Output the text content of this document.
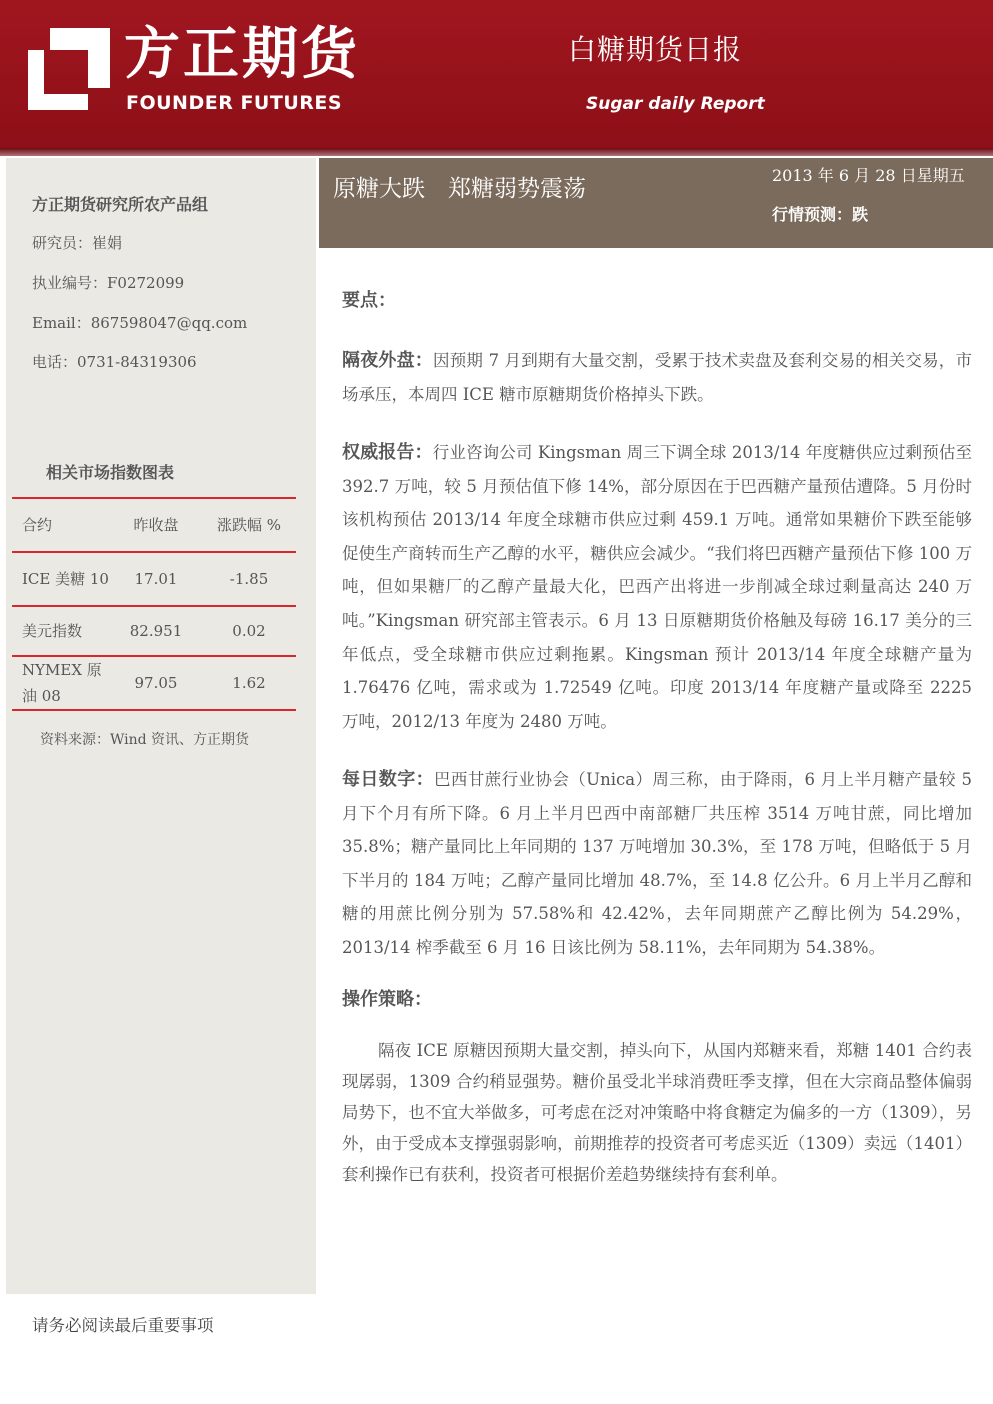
方正期货
FOUNDER FUTURES
白糖期货日报
Sugar daily Report
方正期货研究所农产品组
研究员：崔娟
执业编号：F0272099
Email：867598047@qq.com
电话：0731-84319306
相关市场指数图表
合约	昨收盘	涨跌幅 %
ICE 美糖 10	17.01	-1.85
美元指数	82.951	0.02
NYMEX 原油 08	97.05	1.62
资料来源：Wind 资讯、方正期货
原糖大跌　郑糖弱势震荡
2013 年 6 月 28 日星期五
行情预测：跌
要点：
隔夜外盘：因预期 7 月到期有大量交割，受累于技术卖盘及套利交易的相关交易，市场承压，本周四 ICE 糖市原糖期货价格掉头下跌。
权威报告：行业咨询公司 Kingsman 周三下调全球 2013/14 年度糖供应过剩预估至 392.7 万吨，较 5 月预估值下修 14%，部分原因在于巴西糖产量预估遭降。5 月份时该机构预估 2013/14 年度全球糖市供应过剩 459.1 万吨。通常如果糖价下跌至能够促使生产商转而生产乙醇的水平，糖供应会减少。“我们将巴西糖产量预估下修 100 万吨，但如果糖厂的乙醇产量最大化，巴西产出将进一步削减全球过剩量高达 240 万吨。”Kingsman 研究部主管表示。6 月 13 日原糖期货价格触及每磅 16.17 美分的三年低点，受全球糖市供应过剩拖累。Kingsman 预计 2013/14 年度全球糖产量为 1.76476 亿吨，需求或为 1.72549 亿吨。印度 2013/14 年度糖产量或降至 2225 万吨，2012/13 年度为 2480 万吨。
每日数字：巴西甘蔗行业协会（Unica）周三称，由于降雨，6 月上半月糖产量较 5 月下个月有所下降。6 月上半月巴西中南部糖厂共压榨 3514 万吨甘蔗，同比增加 35.8%；糖产量同比上年同期的 137 万吨增加 30.3%，至 178 万吨，但略低于 5 月下半月的 184 万吨；乙醇产量同比增加 48.7%，至 14.8 亿公升。6 月上半月乙醇和糖的用蔗比例分别为 57.58%和 42.42%，去年同期蔗产乙醇比例为 54.29%，2013/14 榨季截至 6 月 16 日该比例为 58.11%，去年同期为 54.38%。
操作策略：
隔夜 ICE 原糖因预期大量交割，掉头向下，从国内郑糖来看，郑糖 1401 合约表现孱弱，1309 合约稍显强势。糖价虽受北半球消费旺季支撑，但在大宗商品整体偏弱局势下，也不宜大举做多，可考虑在泛对冲策略中将食糖定为偏多的一方（1309），另外，由于受成本支撑强弱影响，前期推荐的投资者可考虑买近（1309）卖远（1401）套利操作已有获利，投资者可根据价差趋势继续持有套利单。
请务必阅读最后重要事项
